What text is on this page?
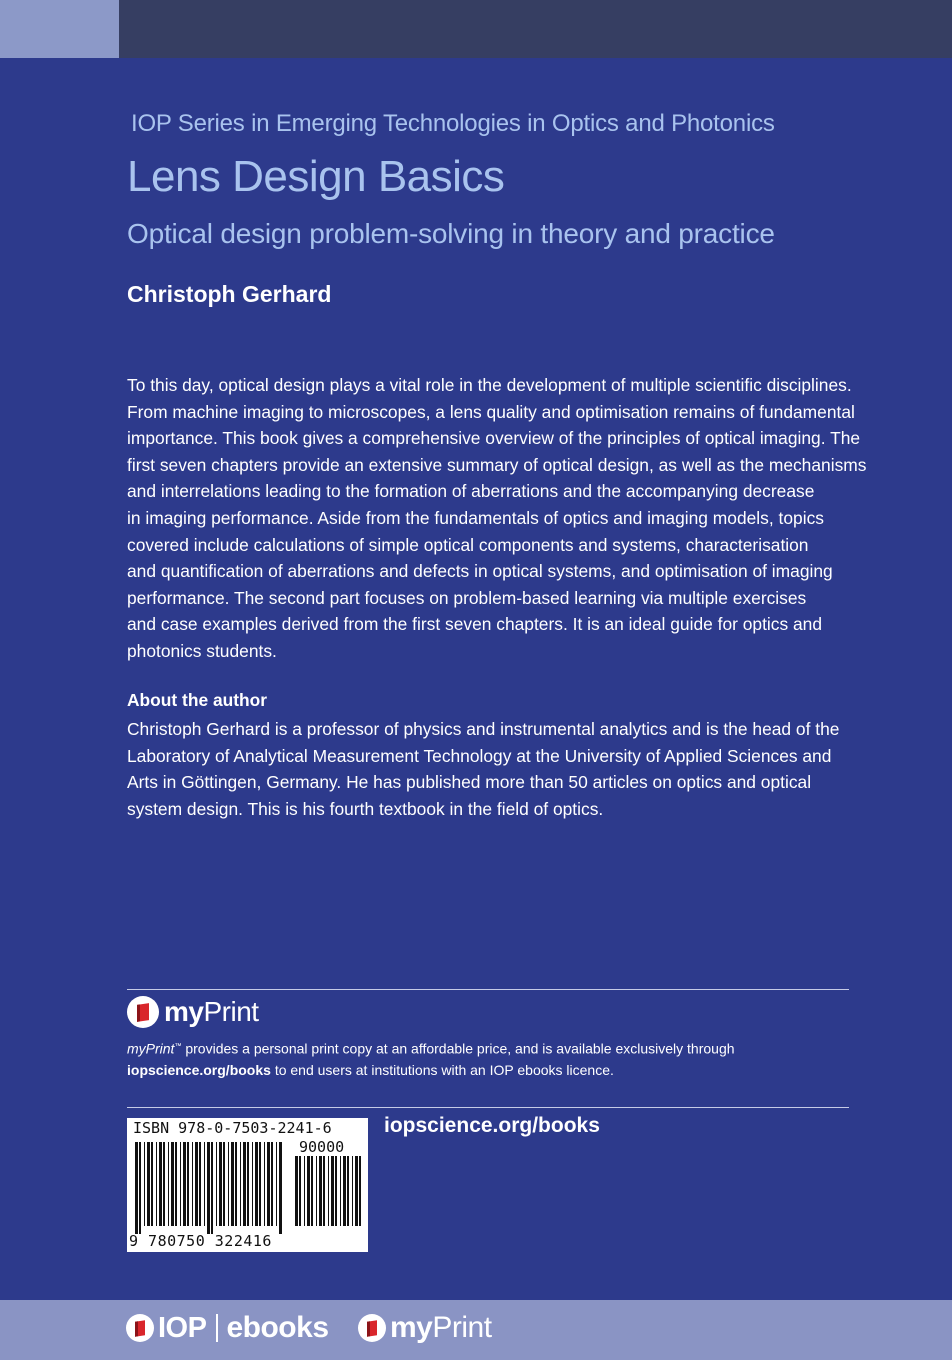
IOP Series in Emerging Technologies in Optics and Photonics
Lens Design Basics
Optical design problem-solving in theory and practice
Christoph Gerhard
To this day, optical design plays a vital role in the development of multiple scientific disciplines.
From machine imaging to microscopes, a lens quality and optimisation remains of fundamental
importance. This book gives a comprehensive overview of the principles of optical imaging. The
first seven chapters provide an extensive summary of optical design, as well as the mechanisms
and interrelations leading to the formation of aberrations and the accompanying decrease
in imaging performance. Aside from the fundamentals of optics and imaging models, topics
covered include calculations of simple optical components and systems, characterisation
and quantification of aberrations and defects in optical systems, and optimisation of imaging
performance. The second part focuses on problem-based learning via multiple exercises
and case examples derived from the first seven chapters. It is an ideal guide for optics and
photonics students.
About the author
Christoph Gerhard is a professor of physics and instrumental analytics and is the head of the
Laboratory of Analytical Measurement Technology at the University of Applied Sciences and
Arts in Göttingen, Germany. He has published more than 50 articles on optics and optical
system design. This is his fourth textbook in the field of optics.
my Print
myPrint™ provides a personal print copy at an affordable price, and is available exclusively through
iopscience.org/books to end users at institutions with an IOP ebooks licence.
ISBN 978-0-7503-2241-6
90000
9 780750 322416
iopscience.org/books
IOP ebooks my Print
